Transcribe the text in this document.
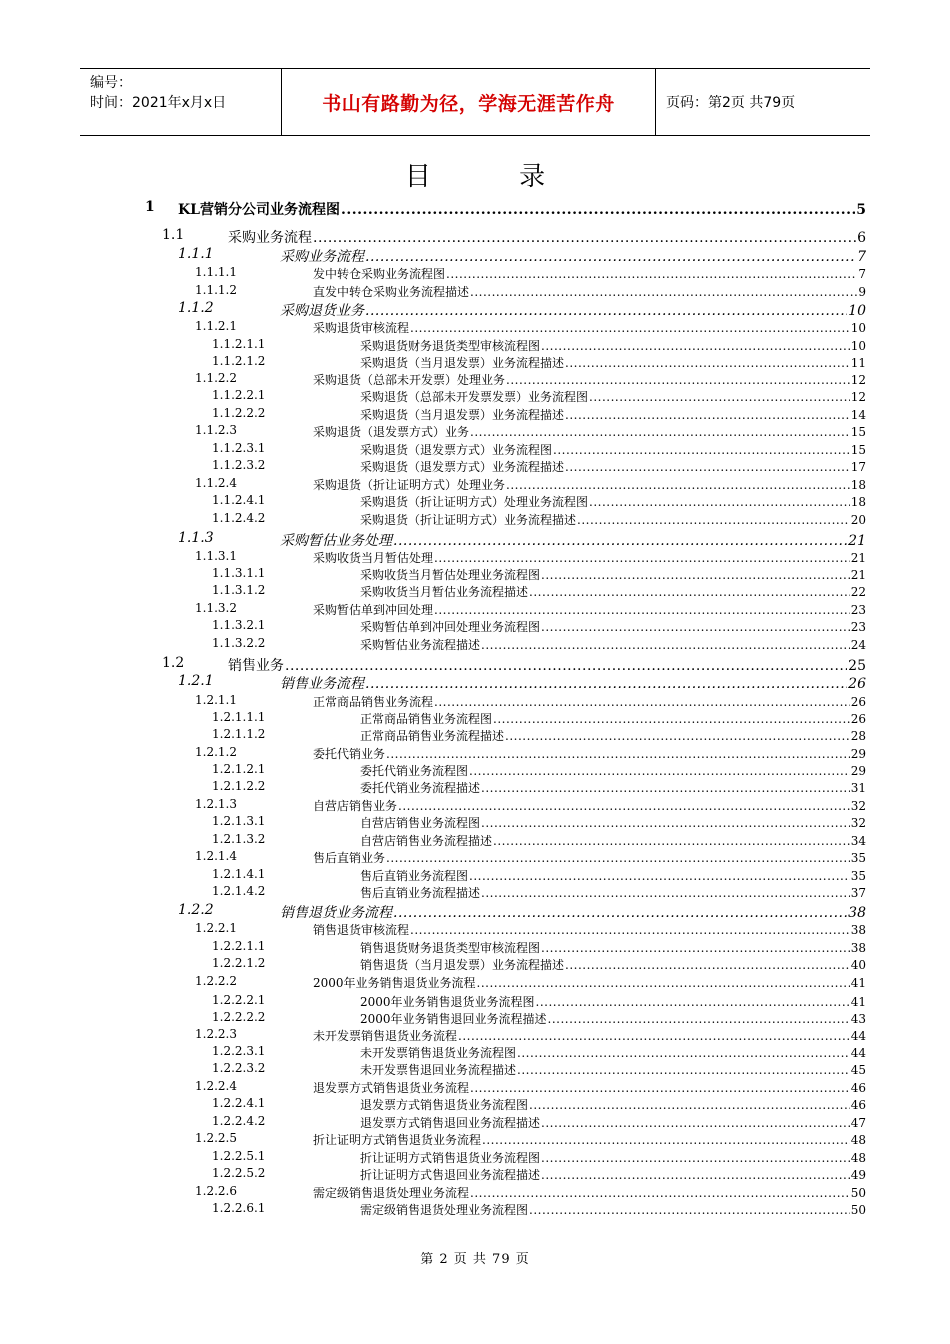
编号：
时间：2021年x月x日	书山有路勤为径，学海无涯苦作舟	页码：第2页 共79页
目 录
1 KL营销分公司业务流程图 .....	5
1.1	采购业务流程 .....	6
1.1.1	采购业务流程 .....	7
1.1.1.1	发中转仓采购业务流程图 .....	7
1.1.1.2	直发中转仓采购业务流程描述 .....	9
1.1.2	采购退货业务 .....	10
1.1.2.1	采购退货审核流程 .....	10
1.1.2.1.1	采购退货财务退货类型审核流程图 .....	10
1.1.2.1.2	采购退货（当月退发票）业务流程描述 .....	11
1.1.2.2	采购退货（总部未开发票）处理业务 .....	12
1.1.2.2.1	采购退货（总部未开发票发票）业务流程图 .....	12
1.1.2.2.2	采购退货（当月退发票）业务流程描述 .....	14
1.1.2.3	采购退货（退发票方式）业务 .....	15
1.1.2.3.1	采购退货（退发票方式）业务流程图 .....	15
1.1.2.3.2	采购退货（退发票方式）业务流程描述 .....	17
1.1.2.4	采购退货（折让证明方式）处理业务 .....	18
1.1.2.4.1	采购退货（折让证明方式）处理业务流程图 .....	18
1.1.2.4.2	采购退货（折让证明方式）业务流程描述 .....	20
1.1.3	采购暂估业务处理 .....	21
1.1.3.1	采购收货当月暂估处理 .....	21
1.1.3.1.1	采购收货当月暂估处理业务流程图 .....	21
1.1.3.1.2	采购收货当月暂估业务流程描述 .....	22
1.1.3.2	采购暂估单到冲回处理 .....	23
1.1.3.2.1	采购暂估单到冲回处理业务流程图 .....	23
1.1.3.2.2	采购暂估业务流程描述 .....	24
1.2	销售业务 .....	25
1.2.1	销售业务流程 .....	26
1.2.1.1	正常商品销售业务流程 .....	26
1.2.1.1.1	正常商品销售业务流程图 .....	26
1.2.1.1.2	正常商品销售业务流程描述 .....	28
1.2.1.2	委托代销业务 .....	29
1.2.1.2.1	委托代销业务流程图 .....	29
1.2.1.2.2	委托代销业务流程描述 .....	31
1.2.1.3	自营店销售业务 .....	32
1.2.1.3.1	自营店销售业务流程图 .....	32
1.2.1.3.2	自营店销售业务流程描述 .....	34
1.2.1.4	售后直销业务 .....	35
1.2.1.4.1	售后直销业务流程图 .....	35
1.2.1.4.2	售后直销业务流程描述 .....	37
1.2.2	销售退货业务流程 .....	38
1.2.2.1	销售退货审核流程 .....	38
1.2.2.1.1	销售退货财务退货类型审核流程图 .....	38
1.2.2.1.2	销售退货（当月退发票）业务流程描述 .....	40
1.2.2.2	2000年业务销售退货业务流程 .....	41
1.2.2.2.1	2000年业务销售退货业务流程图 .....	41
1.2.2.2.2	2000年业务销售退回业务流程描述 .....	43
1.2.2.3	未开发票销售退货业务流程 .....	44
1.2.2.3.1	未开发票销售退货业务流程图 .....	44
1.2.2.3.2	未开发票售退回业务流程描述 .....	45
1.2.2.4	退发票方式销售退货业务流程 .....	46
1.2.2.4.1	退发票方式销售退货业务流程图 .....	46
1.2.2.4.2	退发票方式销售退回业务流程描述 .....	47
1.2.2.5	折让证明方式销售退货业务流程 .....	48
1.2.2.5.1	折让证明方式销售退货业务流程图 .....	48
1.2.2.5.2	折让证明方式售退回业务流程描述 .....	49
1.2.2.6	需定级销售退货处理业务流程 .....	50
1.2.2.6.1	需定级销售退货处理业务流程图 .....	50
第 2 页 共 79 页
